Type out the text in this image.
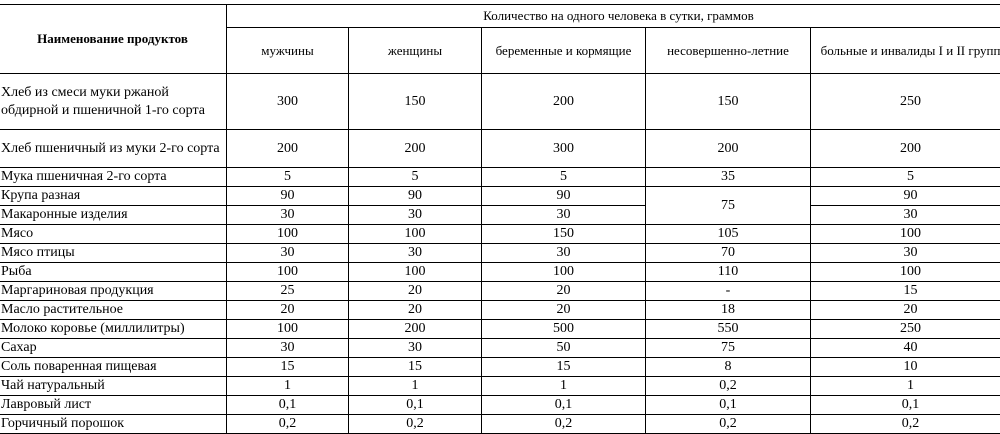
Наименование продуктов	Количество на одного человека в сутки, граммов				
	мужчины	женщины	беременные и кормящие	несовершенно-летние	больные и инвалиды I и II групп
Хлеб из смеси муки ржаной обдирной и пшеничной 1-го сорта	300	150	200	150	250
Хлеб пшеничный из муки 2-го сорта	200	200	300	200	200
Мука пшеничная 2-го сорта	5	5	5	35	5
Крупа разная	90	90	90	75	90
Макаронные изделия	30	30	30		30
Мясо	100	100	150	105	100
Мясо птицы	30	30	30	70	30
Рыба	100	100	100	110	100
Маргариновая продукция	25	20	20	-	15
Масло растительное	20	20	20	18	20
Молоко коровье (миллилитры)	100	200	500	550	250
Сахар	30	30	50	75	40
Соль поваренная пищевая	15	15	15	8	10
Чай натуральный	1	1	1	0,2	1
Лавровый лист	0,1	0,1	0,1	0,1	0,1
Горчичный порошок	0,2	0,2	0,2	0,2	0,2
